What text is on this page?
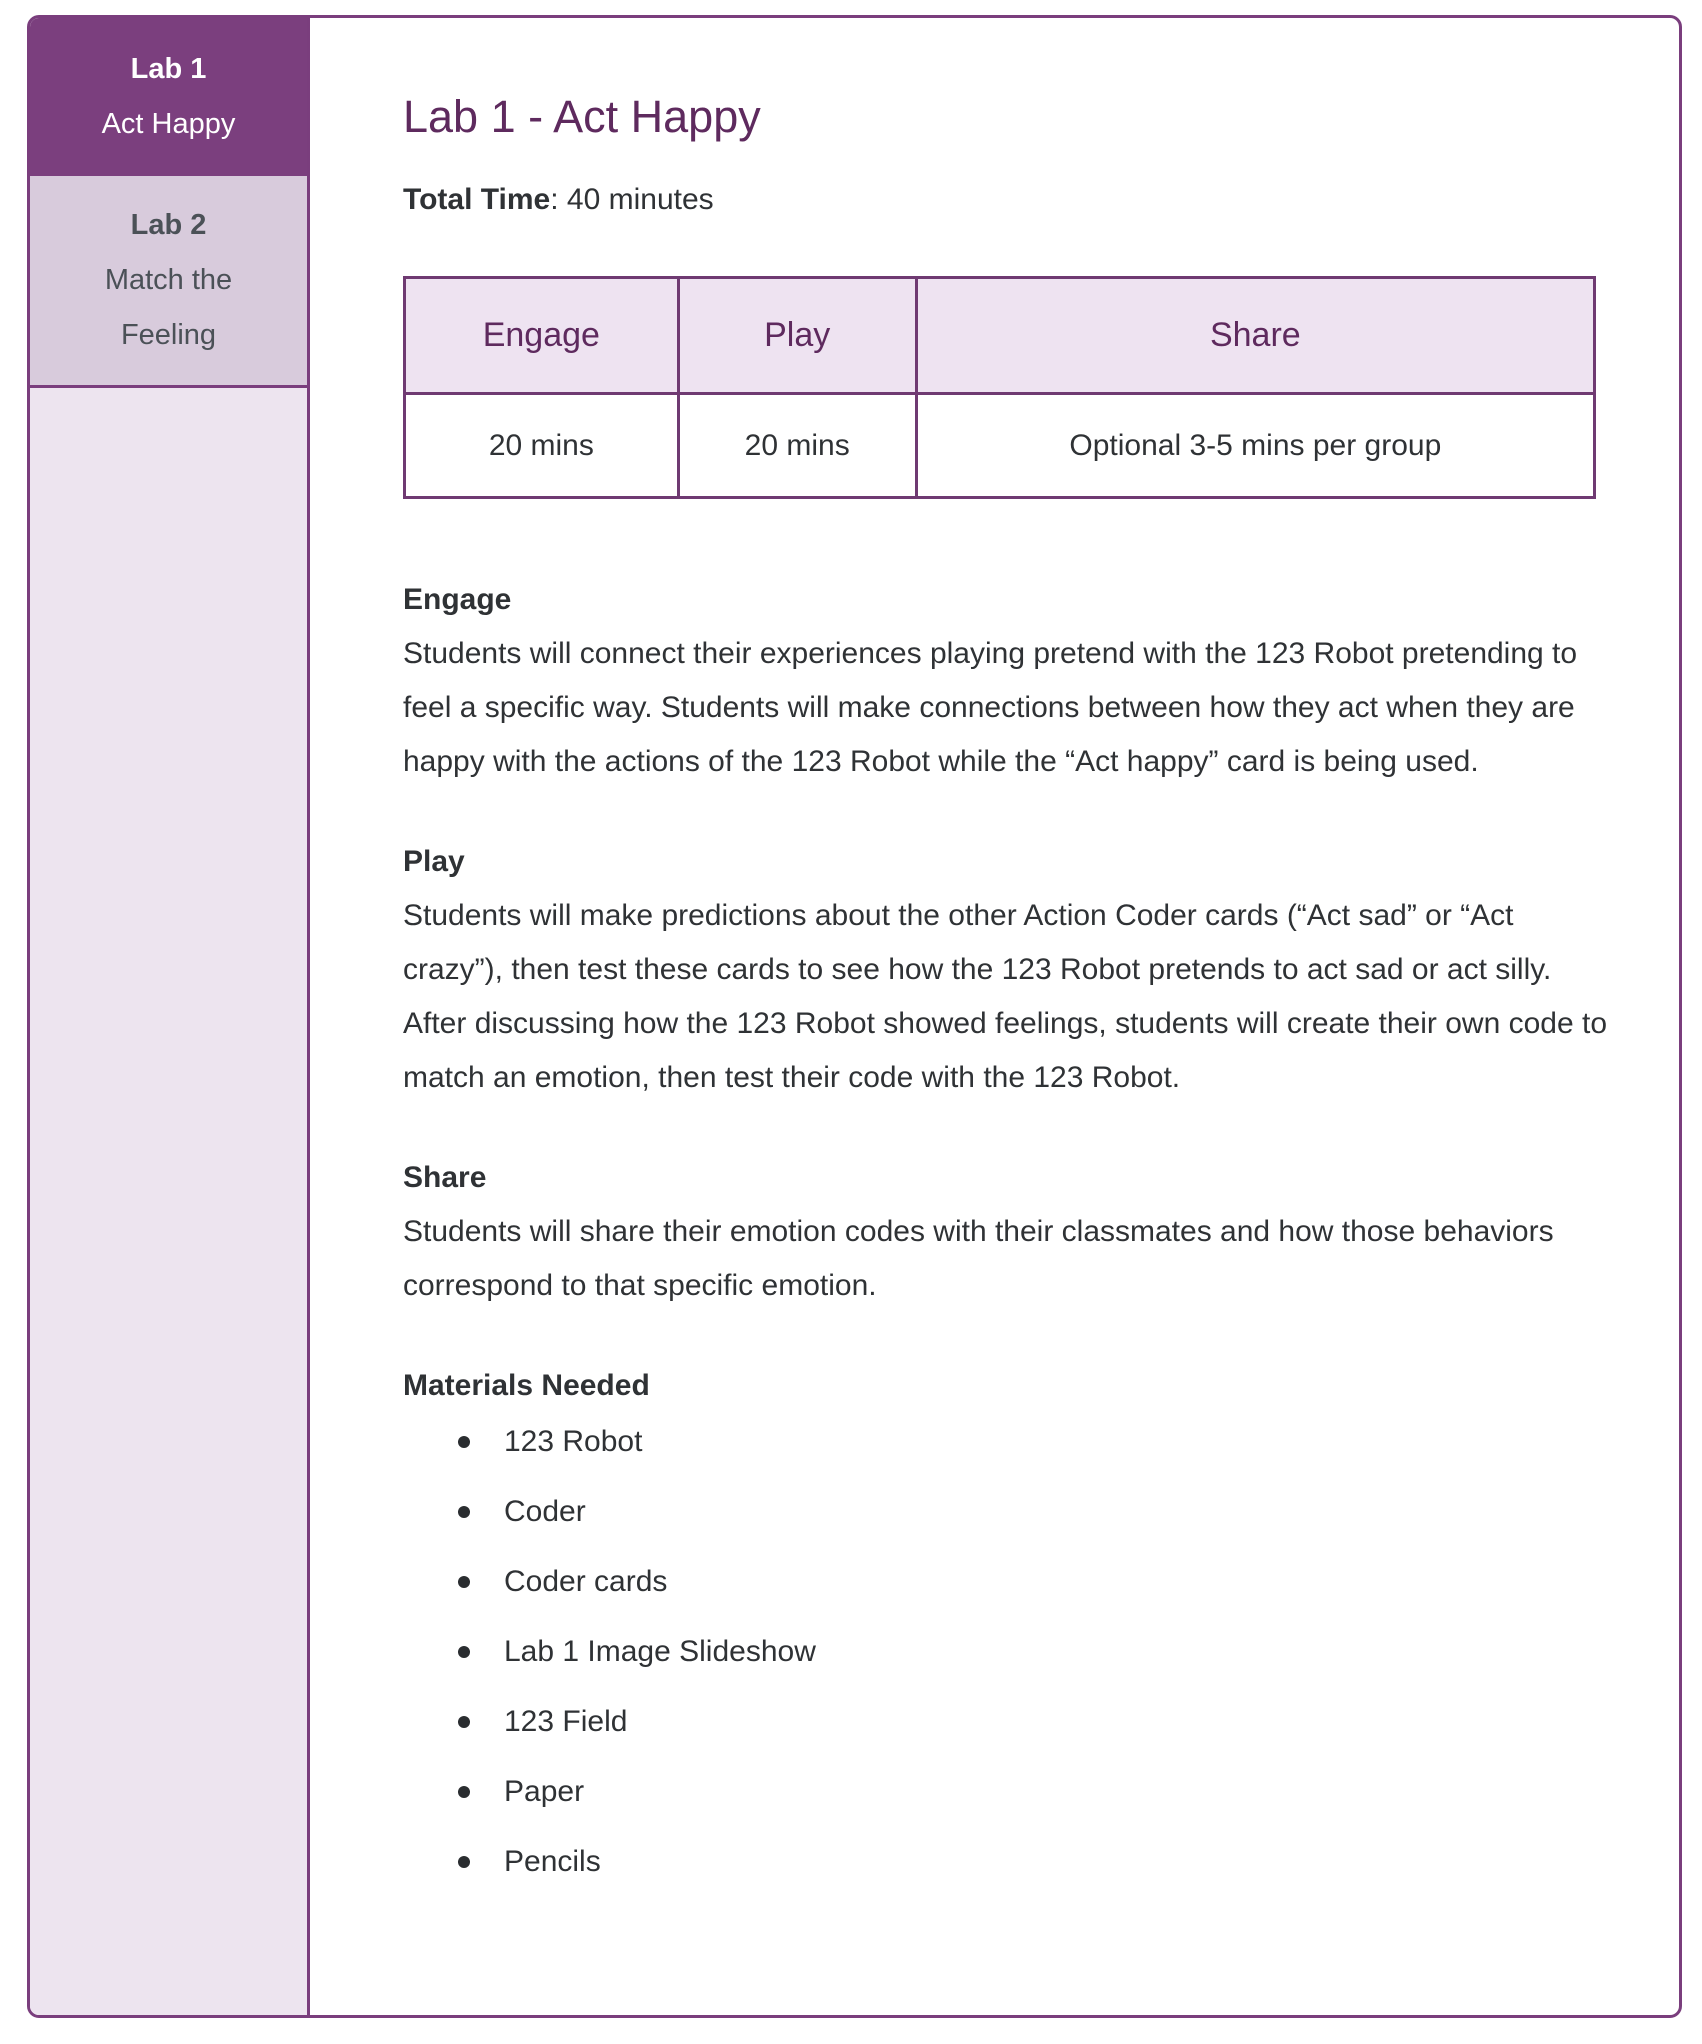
Lab 1
Act Happy
Lab 2
Match the Feeling
Lab 1 - Act Happy

Total Time: 40 minutes

Engage	Play	Share
20 mins	20 mins	Optional 3-5 mins per group
Engage

Students will connect their experiences playing pretend with the 123 Robot pretending to feel a specific way. Students will make connections between how they act when they are happy with the actions of the 123 Robot while the “Act happy” card is being used.

Play

Students will make predictions about the other Action Coder cards (“Act sad” or “Act crazy”), then test these cards to see how the 123 Robot pretends to act sad or act silly. After discussing how the 123 Robot showed feelings, students will create their own code to match an emotion, then test their code with the 123 Robot.

Share

Students will share their emotion codes with their classmates and how those behaviors correspond to that specific emotion.

Materials Needed
123 Robot
Coder
Coder cards
Lab 1 Image Slideshow
123 Field
Paper
Pencils
